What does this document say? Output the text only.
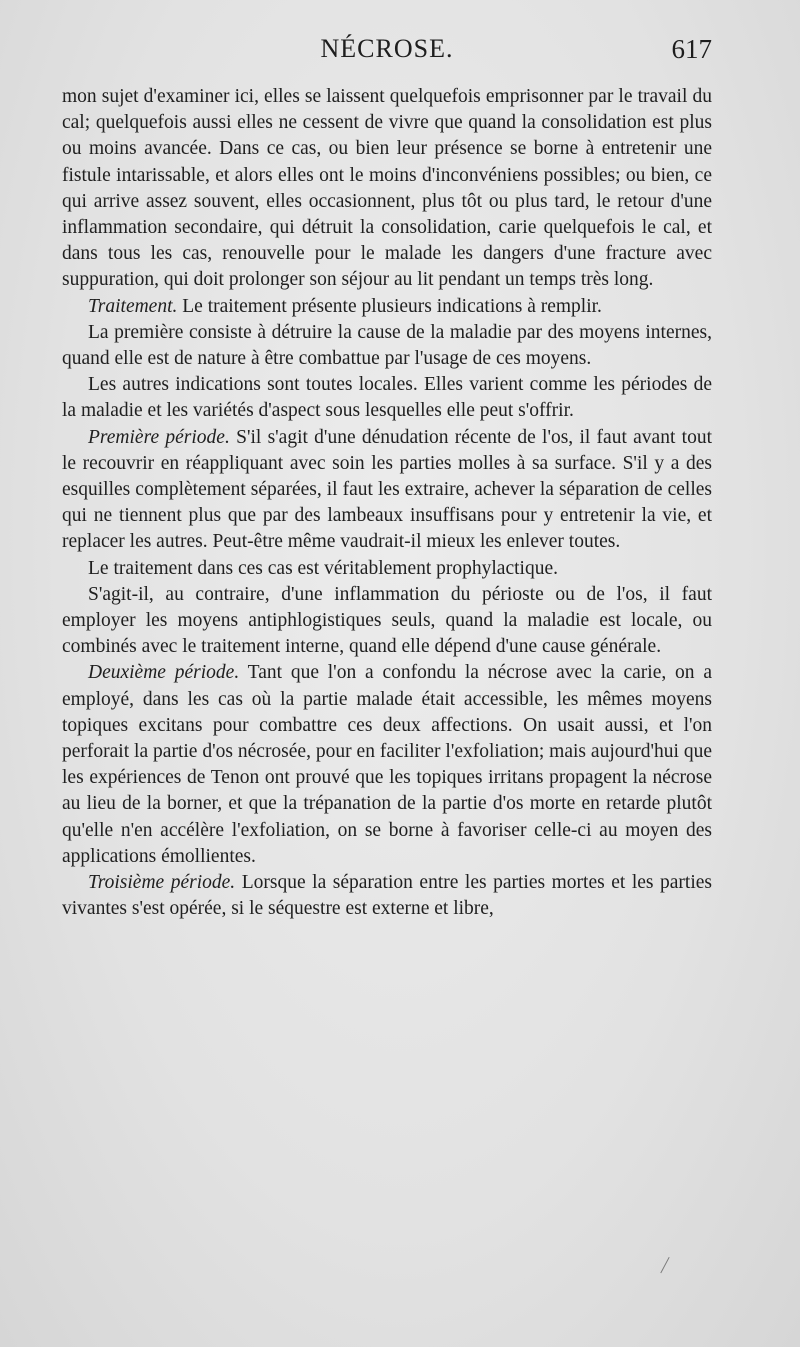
NÉCROSE.	617

mon sujet d'examiner ici, elles se laissent quelquefois emprisonner par le travail du cal; quelquefois aussi elles ne cessent de vivre que quand la consolidation est plus ou moins avancée. Dans ce cas, ou bien leur présence se borne à entretenir une fistule intarissable, et alors elles ont le moins d'inconvéniens possibles; ou bien, ce qui arrive assez souvent, elles occasionnent, plus tôt ou plus tard, le retour d'une inflammation secondaire, qui détruit la consolidation, carie quelquefois le cal, et dans tous les cas, renouvelle pour le malade les dangers d'une fracture avec suppuration, qui doit prolonger son séjour au lit pendant un temps très long.

Traitement. Le traitement présente plusieurs indications à remplir.

La première consiste à détruire la cause de la maladie par des moyens internes, quand elle est de nature à être combattue par l'usage de ces moyens.

Les autres indications sont toutes locales. Elles varient comme les périodes de la maladie et les variétés d'aspect sous lesquelles elle peut s'offrir.

Première période. S'il s'agit d'une dénudation récente de l'os, il faut avant tout le recouvrir en réappliquant avec soin les parties molles à sa surface. S'il y a des esquilles complètement séparées, il faut les extraire, achever la séparation de celles qui ne tiennent plus que par des lambeaux insuffisans pour y entretenir la vie, et replacer les autres. Peut-être même vaudrait-il mieux les enlever toutes.

Le traitement dans ces cas est véritablement prophylactique.

S'agit-il, au contraire, d'une inflammation du périoste ou de l'os, il faut employer les moyens antiphlogistiques seuls, quand la maladie est locale, ou combinés avec le traitement interne, quand elle dépend d'une cause générale.

Deuxième période. Tant que l'on a confondu la nécrose avec la carie, on a employé, dans les cas où la partie malade était accessible, les mêmes moyens topiques excitans pour combattre ces deux affections. On usait aussi, et l'on perforait la partie d'os nécrosée, pour en faciliter l'exfoliation; mais aujourd'hui que les expériences de Tenon ont prouvé que les topiques irritans propagent la nécrose au lieu de la borner, et que la trépanation de la partie d'os morte en retarde plutôt qu'elle n'en accélère l'exfoliation, on se borne à favoriser celle-ci au moyen des applications émollientes.

Troisième période. Lorsque la séparation entre les parties mortes et les parties vivantes s'est opérée, si le séquestre est externe et libre,
